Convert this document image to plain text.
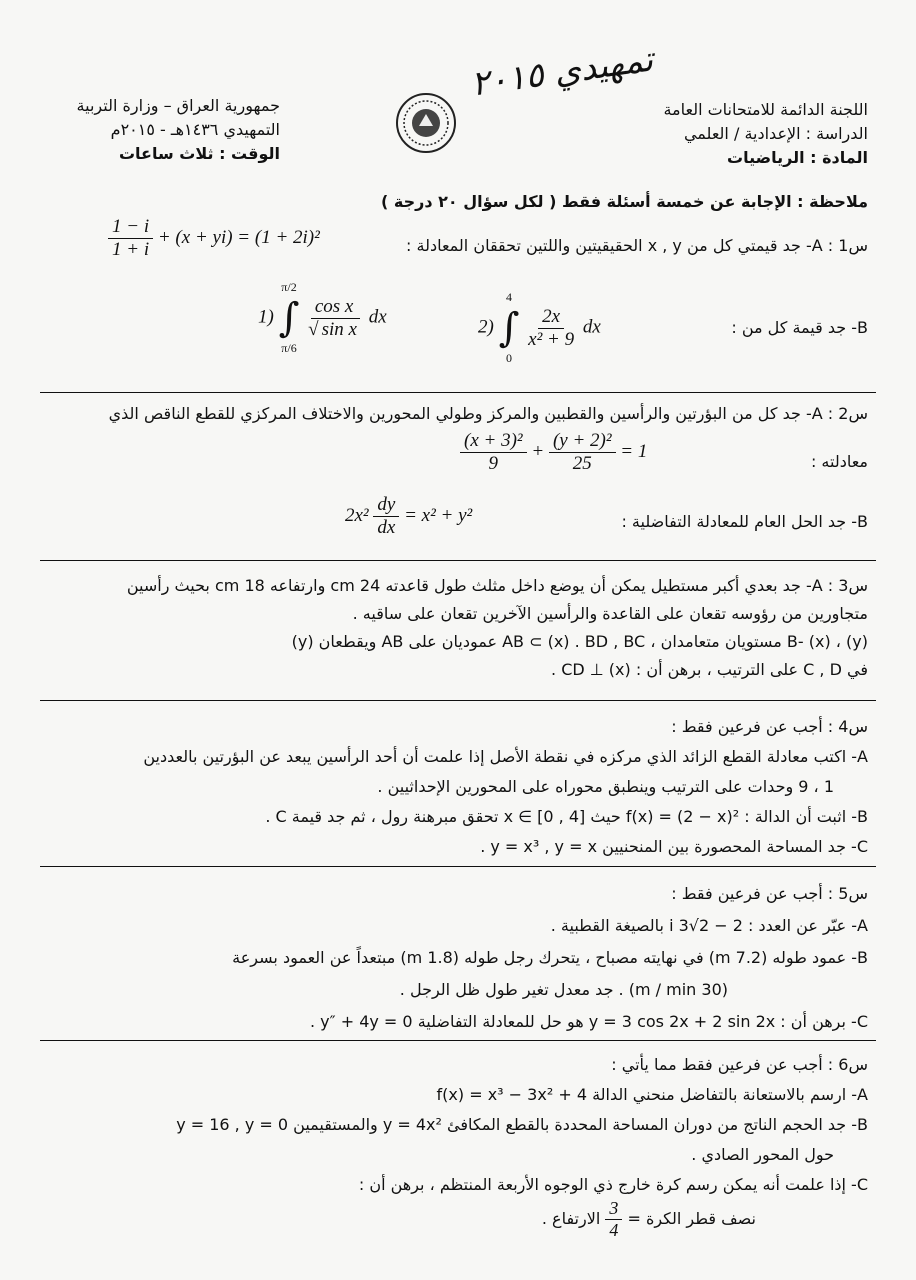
تمهيدي ٢٠١٥
اللجنة الدائمة للامتحانات العامة
الدراسة : الإعدادية / العلمي
المادة : الرياضيات
جمهورية العراق – وزارة التربية
التمهيدي ١٤٣٦هـ - ٢٠١٥م
الوقت : ثلاث ساعات
ملاحظة : الإجابة عن خمسة أسئلة فقط ( لكل سؤال ٢٠ درجة )
س1 : A- جد قيمتي كل من x , y الحقيقيتين واللتين تحققان المعادلة :
$\frac{1 - i}{1 + i} + (x + yi) = (1 + 2i)^2$
B- جد قيمة كل من :
2)
4
∫
0

$\frac{2x}{\text{x² + 9}}$ dx
1)
π/2
∫
π/6

$\frac{\text{cos x}}{\text{√ sin x}}$ dx
س2 : A- جد كل من البؤرتين والرأسين والقطبين والمركز وطولي المحورين والاختلاف المركزي للقطع الناقص الذي
معادلته :
$\frac{\text{(x + 3)²}}{9} + \frac{\text{(y + 2)²}}{25} = 1$
B- جد الحل العام للمعادلة التفاضلية :
$2x^2 \frac{dy}{dx} = x^2 + y^2$
س3 : A- جد بعدي أكبر مستطيل يمكن أن يوضع داخل مثلث طول قاعدته 24 cm وارتفاعه 18 cm بحيث رأسين
متجاورين من رؤوسه تقعان على القاعدة والرأسين الآخرين تقعان على ساقيه .
B- (x) ، (y) مستويان متعامدان ، AB ⊂ (x) . BD , BC عموديان على AB ويقطعان (y)
في C , D على الترتيب ، برهن أن : CD ⊥ (x) .
س4 : أجب عن فرعين فقط :
A- اكتب معادلة القطع الزائد الذي مركزه في نقطة الأصل إذا علمت أن أحد الرأسين يبعد عن البؤرتين بالعددين
1 ، 9 وحدات على الترتيب وينطبق محوراه على المحورين الإحداثيين .
B- اثبت أن الدالة : f(x) = (2 − x)² حيث x ∈ [0 , 4] تحقق مبرهنة رول ، ثم جد قيمة C .
C- جد المساحة المحصورة بين المنحنيين y = x³ , y = x .
س5 : أجب عن فرعين فقط :
A- عبّر عن العدد : 2 − 2√3 i بالصيغة القطبية .
B- عمود طوله (7.2 m) في نهايته مصباح ، يتحرك رجل طوله (1.8 m) مبتعداً عن العمود بسرعة
(30 m / min) . جد معدل تغير طول ظل الرجل .
C- برهن أن : y = 3 cos 2x + 2 sin 2x هو حل للمعادلة التفاضلية y″ + 4y = 0 .
س6 : أجب عن فرعين فقط مما يأتي :
A- ارسم بالاستعانة بالتفاضل منحني الدالة f(x) = x³ − 3x² + 4
B- جد الحجم الناتج من دوران المساحة المحددة بالقطع المكافئ y = 4x² والمستقيمين y = 16 , y = 0
حول المحور الصادي .
C- إذا علمت أنه يمكن رسم كرة خارج ذي الوجوه الأربعة المنتظم ، برهن أن :
نصف قطر الكرة =
$\frac{3}{4}$
الارتفاع .
